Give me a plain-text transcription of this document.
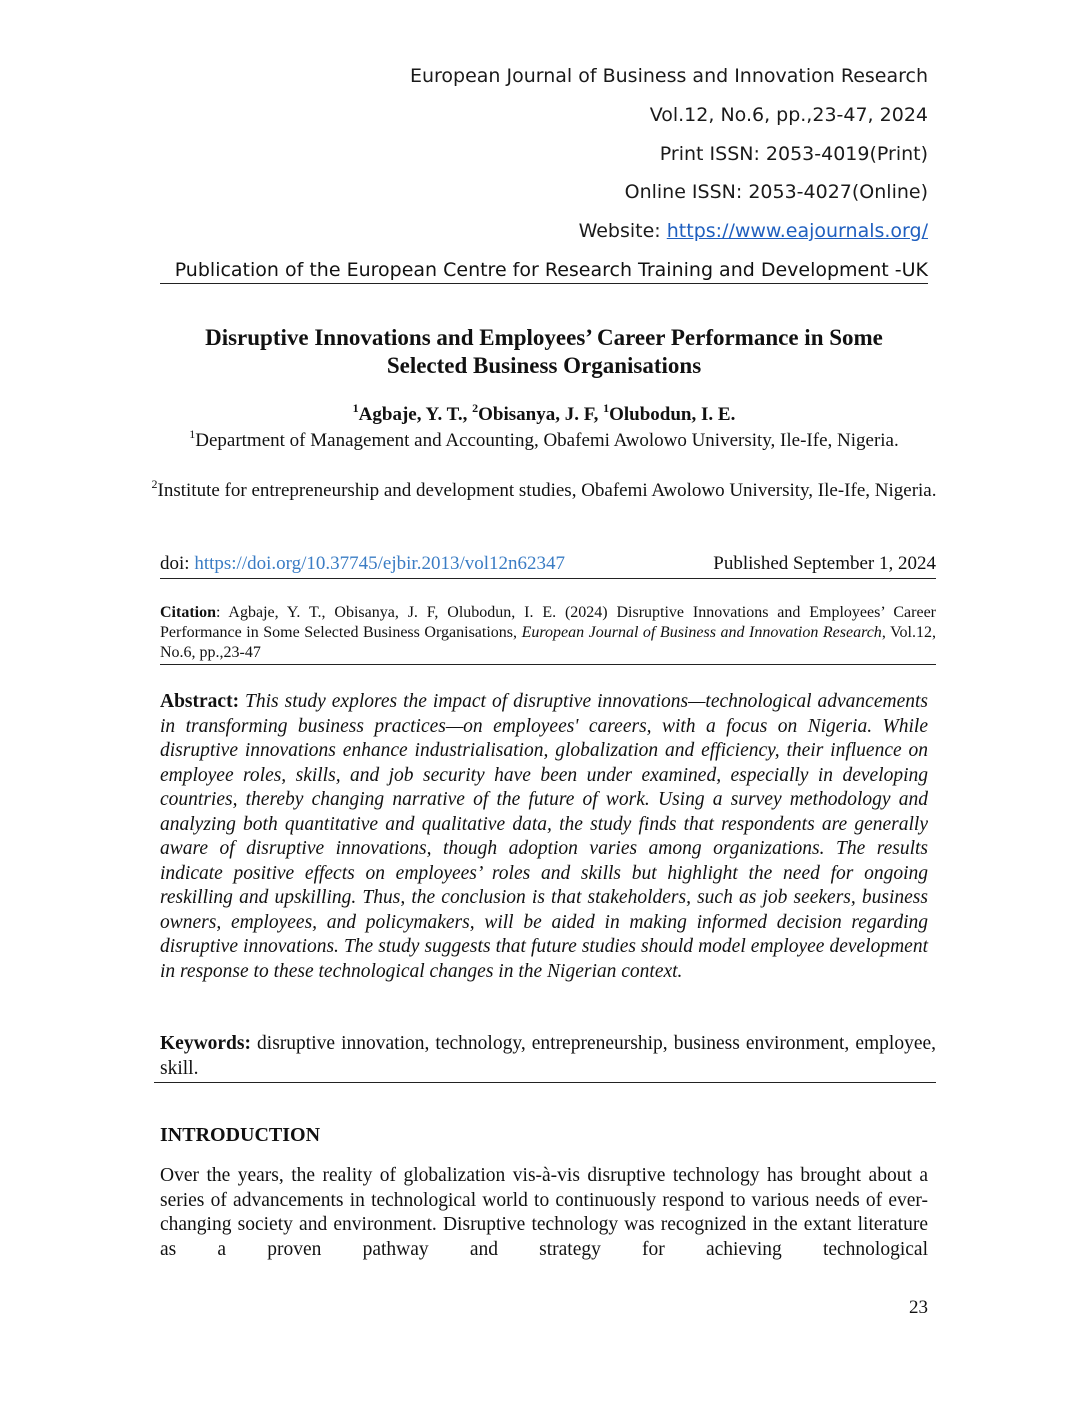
European Journal of Business and Innovation Research
Vol.12, No.6, pp.,23-47, 2024
Print ISSN: 2053-4019(Print)
Online ISSN: 2053-4027(Online)
Website: https://www.eajournals.org/
Publication of the European Centre for Research Training and Development -UK
Disruptive Innovations and Employees’ Career Performance in Some
Selected Business Organisations
$^1$Agbaje, Y. T., $^2$Obisanya, J. F, $^1$Olubodun, I. E.
$^1$Department of Management and Accounting, Obafemi Awolowo University, Ile-Ife, Nigeria.
$^2$Institute for entrepreneurship and development studies, Obafemi Awolowo University, Ile-Ife, Nigeria.
doi: https://doi.org/10.37745/ejbir.2013/vol12n62347	Published September 1, 2024
Citation: Agbaje, Y. T., Obisanya, J. F, Olubodun, I. E. (2024) Disruptive Innovations and Employees’ Career Performance in Some Selected Business Organisations, European Journal of Business and Innovation Research, Vol.12, No.6, pp.,23-47
Abstract: This study explores the impact of disruptive innovations—technological advancements in transforming business practices—on employees' careers, with a focus on Nigeria. While disruptive innovations enhance industrialisation, globalization and efficiency, their influence on employee roles, skills, and job security have been under examined, especially in developing countries, thereby changing narrative of the future of work. Using a survey methodology and analyzing both quantitative and qualitative data, the study finds that respondents are generally aware of disruptive innovations, though adoption varies among organizations. The results indicate positive effects on employees’ roles and skills but highlight the need for ongoing reskilling and upskilling. Thus, the conclusion is that stakeholders, such as job seekers, business owners, employees, and policymakers, will be aided in making informed decision regarding disruptive innovations. The study suggests that future studies should model employee development in response to these technological changes in the Nigerian context.
Keywords: disruptive innovation, technology, entrepreneurship, business environment, employee, skill.
INTRODUCTION
Over the years, the reality of globalization vis-à-vis disruptive technology has brought about a series of advancements in technological world to continuously respond to various needs of ever-changing society and environment. Disruptive technology was recognized in the extant literature as a proven pathway and strategy for achieving technological
23
